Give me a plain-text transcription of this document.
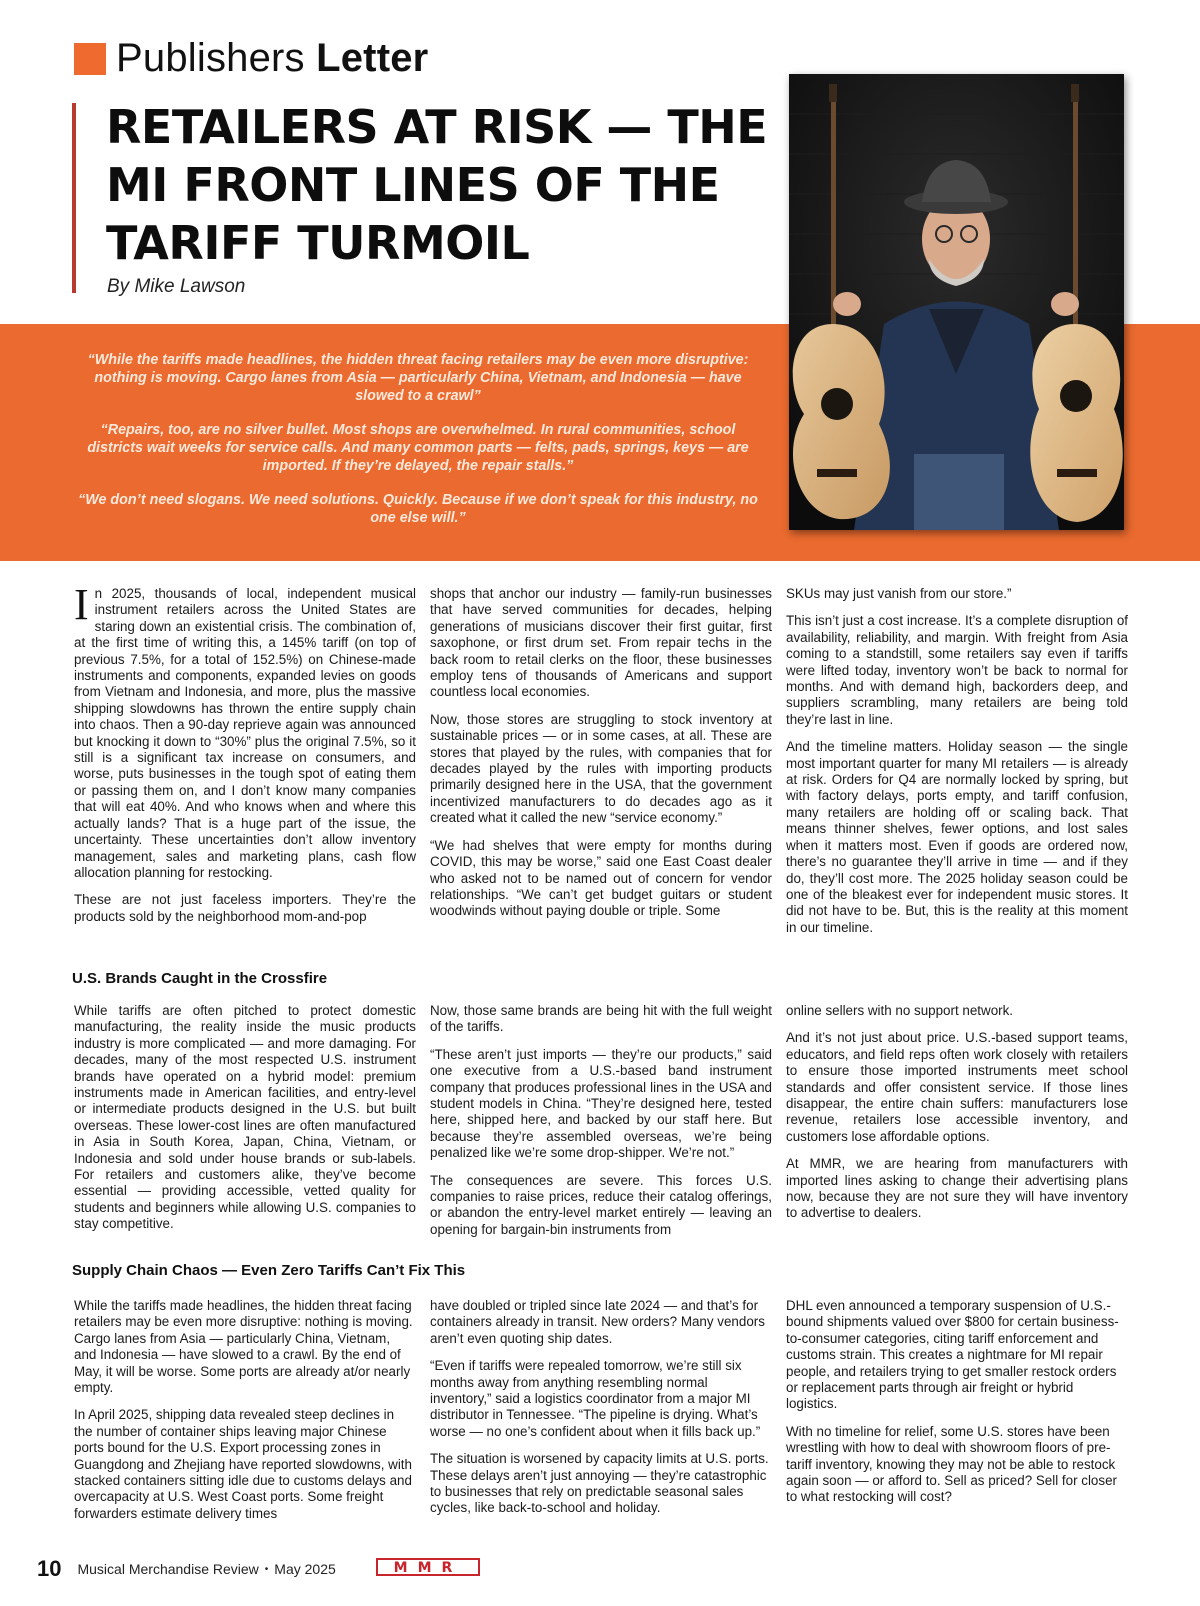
Publishers Letter
RETAILERS AT RISK — THE MI FRONT LINES OF THE TARIFF TURMOIL
By Mike Lawson

“While the tariffs made headlines, the hidden threat facing retailers may be even more disruptive: nothing is moving. Cargo lanes from Asia — particularly China, Vietnam, and Indonesia — have slowed to a crawl”

“Repairs, too, are no silver bullet. Most shops are overwhelmed. In rural communities, school districts wait weeks for service calls. And many common parts — felts, pads, springs, keys — are imported. If they’re delayed, the repair stalls.”

“We don’t need slogans. We need solutions. Quickly. Because if we don’t speak for this industry, no one else will.”

In 2025, thousands of local, independent musical instrument retailers across the United States are staring down an existential crisis. The combination of, at the first time of writing this, a 145% tariff (on top of previous 7.5%, for a total of 152.5%) on Chinese-made instruments and components, expanded levies on goods from Vietnam and Indonesia, and more, plus the massive shipping slowdowns has thrown the entire supply chain into chaos. Then a 90-day reprieve again was announced but knocking it down to “30%” plus the original 7.5%, so it still is a significant tax increase on consumers, and worse, puts businesses in the tough spot of eating them or passing them on, and I don’t know many companies that will eat 40%. And who knows when and where this actually lands? That is a huge part of the issue, the uncertainty. These uncertainties don’t allow inventory management, sales and marketing plans, cash flow allocation planning for restocking.

These are not just faceless importers. They’re the products sold by the neighborhood mom-and-pop

shops that anchor our industry — family-run businesses that have served communities for decades, helping generations of musicians discover their first guitar, first saxophone, or first drum set. From repair techs in the back room to retail clerks on the floor, these businesses employ tens of thousands of Americans and support countless local economies.

Now, those stores are struggling to stock inventory at sustainable prices — or in some cases, at all. These are stores that played by the rules, with companies that for decades played by the rules with importing products primarily designed here in the USA, that the government incentivized manufacturers to do decades ago as it created what it called the new “service economy.”

“We had shelves that were empty for months during COVID, this may be worse,” said one East Coast dealer who asked not to be named out of concern for vendor relationships. “We can’t get budget guitars or student woodwinds without paying double or triple. Some

SKUs may just vanish from our store.”

This isn’t just a cost increase. It’s a complete disruption of availability, reliability, and margin. With freight from Asia coming to a standstill, some retailers say even if tariffs were lifted today, inventory won’t be back to normal for months. And with demand high, backorders deep, and suppliers scrambling, many retailers are being told they’re last in line.

And the timeline matters. Holiday season — the single most important quarter for many MI retailers — is already at risk. Orders for Q4 are normally locked by spring, but with factory delays, ports empty, and tariff confusion, many retailers are holding off or scaling back. That means thinner shelves, fewer options, and lost sales when it matters most. Even if goods are ordered now, there’s no guarantee they’ll arrive in time — and if they do, they’ll cost more. The 2025 holiday season could be one of the bleakest ever for independent music stores. It did not have to be. But, this is the reality at this moment in our timeline.

U.S. Brands Caught in the Crossfire

While tariffs are often pitched to protect domestic manufacturing, the reality inside the music products industry is more complicated — and more damaging. For decades, many of the most respected U.S. instrument brands have operated on a hybrid model: premium instruments made in American facilities, and entry-level or intermediate products designed in the U.S. but built overseas. These lower-cost lines are often manufactured in Asia in South Korea, Japan, China, Vietnam, or Indonesia and sold under house brands or sub-labels. For retailers and customers alike, they’ve become essential — providing accessible, vetted quality for students and beginners while allowing U.S. companies to stay competitive.

Now, those same brands are being hit with the full weight of the tariffs.

“These aren’t just imports — they’re our products,” said one executive from a U.S.-based band instrument company that produces professional lines in the USA and student models in China. “They’re designed here, tested here, shipped here, and backed by our staff here. But because they’re assembled overseas, we’re being penalized like we’re some drop-shipper. We’re not.”

The consequences are severe. This forces U.S. companies to raise prices, reduce their catalog offerings, or abandon the entry-level market entirely — leaving an opening for bargain-bin instruments from

online sellers with no support network.

And it’s not just about price. U.S.-based support teams, educators, and field reps often work closely with retailers to ensure those imported instruments meet school standards and offer consistent service. If those lines disappear, the entire chain suffers: manufacturers lose revenue, retailers lose accessible inventory, and customers lose affordable options.

At MMR, we are hearing from manufacturers with imported lines asking to change their advertising plans now, because they are not sure they will have inventory to advertise to dealers.

Supply Chain Chaos — Even Zero Tariffs Can’t Fix This

While the tariffs made headlines, the hidden threat facing retailers may be even more disruptive: nothing is moving. Cargo lanes from Asia — particularly China, Vietnam, and Indonesia — have slowed to a crawl. By the end of May, it will be worse. Some ports are already at/or nearly empty.

In April 2025, shipping data revealed steep declines in the number of container ships leaving major Chinese ports bound for the U.S. Export processing zones in Guangdong and Zhejiang have reported slowdowns, with stacked containers sitting idle due to customs delays and overcapacity at U.S. West Coast ports. Some freight forwarders estimate delivery times

have doubled or tripled since late 2024 — and that’s for containers already in transit. New orders? Many vendors aren’t even quoting ship dates.

“Even if tariffs were repealed tomorrow, we’re still six months away from anything resembling normal inventory,” said a logistics coordinator from a major MI distributor in Tennessee. “The pipeline is drying. What’s worse — no one’s confident about when it fills back up.”

The situation is worsened by capacity limits at U.S. ports. These delays aren’t just annoying — they’re catastrophic to businesses that rely on predictable seasonal sales cycles, like back-to-school and holiday.

DHL even announced a temporary suspension of U.S.-bound shipments valued over $800 for certain business-to-consumer categories, citing tariff enforcement and customs strain. This creates a nightmare for MI repair people, and retailers trying to get smaller restock orders or replacement parts through air freight or hybrid logistics.

With no timeline for relief, some U.S. stores have been wrestling with how to deal with showroom floors of pre-tariff inventory, knowing they may not be able to restock again soon — or afford to. Sell as priced? Sell for closer to what restocking will cost?

10 Musical Merchandise Review • May 2025	MMR
